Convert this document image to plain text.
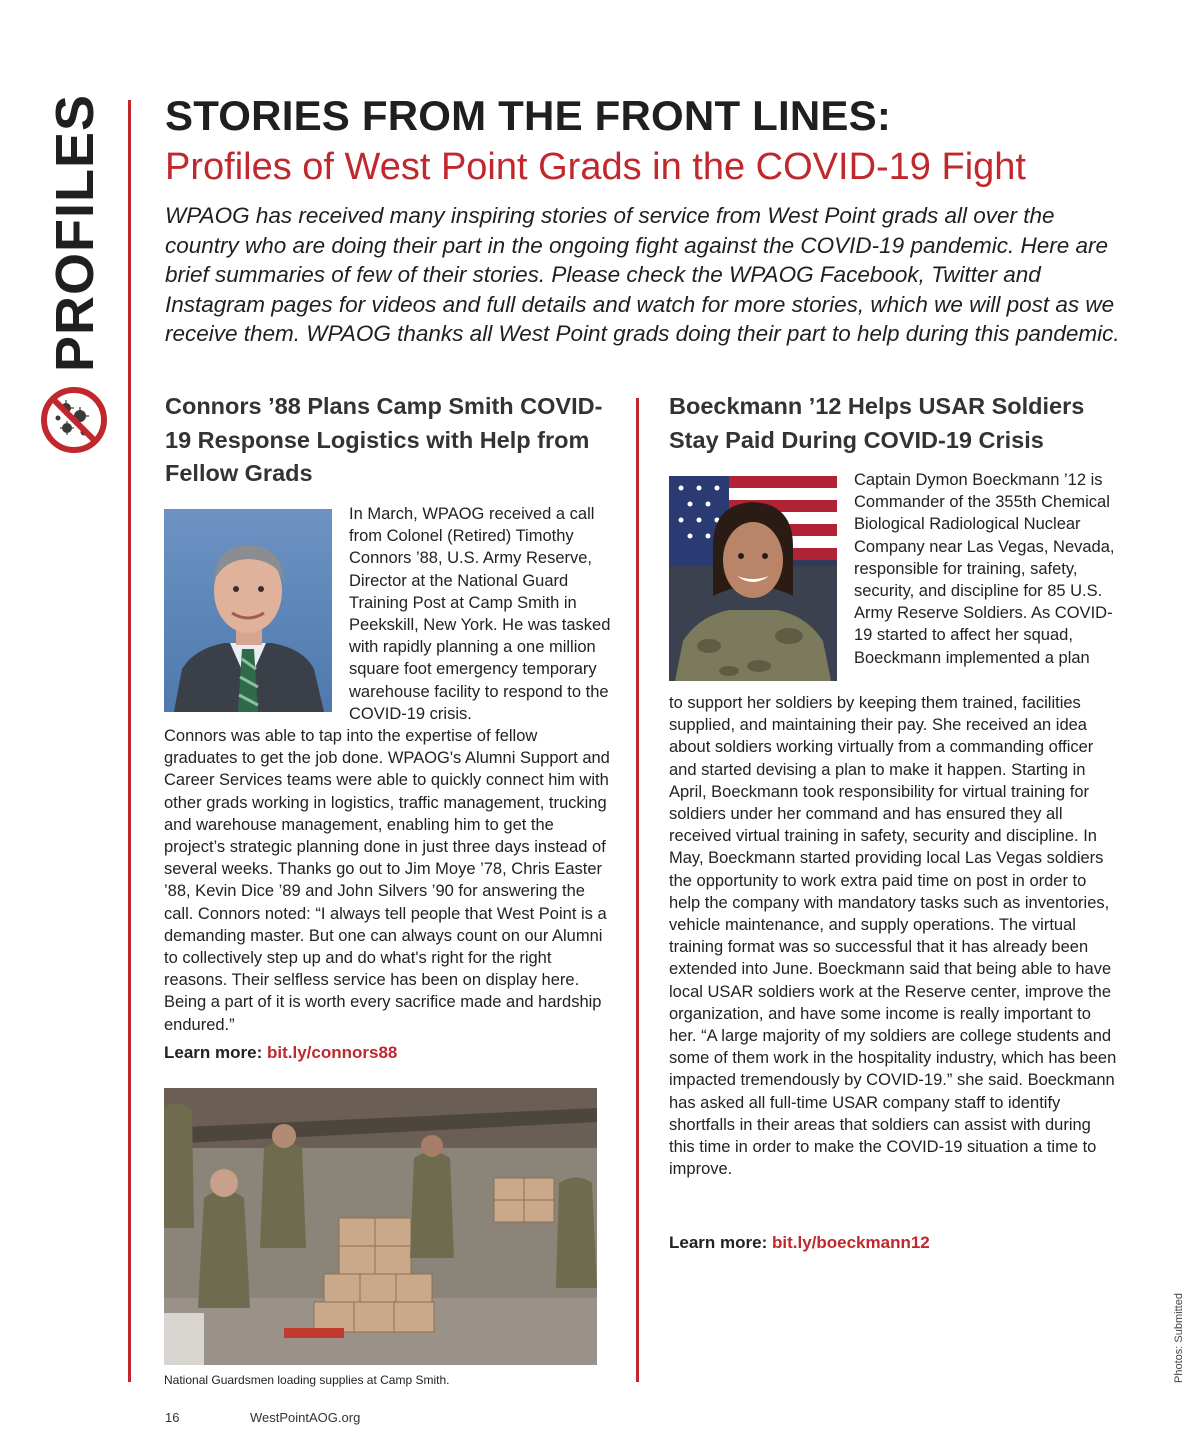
PROFILES STORIES FROM THE FRONT LINES:
Profiles of West Point Grads in the COVID-19 Fight

WPAOG has received many inspiring stories of service from West Point grads all over the country who are doing their part in the ongoing fight against the COVID-19 pandemic. Here are brief summaries of few of their stories. Please check the WPAOG Facebook, Twitter and Instagram pages for videos and full details and watch for more stories, which we will post as we receive them. WPAOG thanks all West Point grads doing their part to help during this pandemic.

Connors ’88 Plans Camp Smith COVID-19 Response Logistics with Help from Fellow Grads

In March, WPAOG received a call from Colonel (Retired) Timothy Connors ’88, U.S. Army Reserve, Director at the National Guard Training Post at Camp Smith in Peekskill, New York. He was tasked with rapidly planning a one million square foot emergency temporary warehouse facility to respond to the COVID-19 crisis.

Connors was able to tap into the expertise of fellow graduates to get the job done. WPAOG's Alumni Support and Career Services teams were able to quickly connect him with other grads working in logistics, traffic management, trucking and warehouse management, enabling him to get the project’s strategic planning done in just three days instead of several weeks. Thanks go out to Jim Moye ’78, Chris Easter ’88, Kevin Dice ’89 and John Silvers ’90 for answering the call. Connors noted: “I always tell people that West Point is a demanding master. But one can always count on our Alumni to collectively step up and do what's right for the right reasons. Their selfless service has been on display here. Being a part of it is worth every sacrifice made and hardship endured.”

Learn more: bit.ly/connors88

National Guardsmen loading supplies at Camp Smith.

Boeckmann ’12 Helps USAR Soldiers Stay Paid During COVID-19 Crisis

Captain Dymon Boeckmann ’12 is Commander of the 355th Chemical Biological Radiological Nuclear Company near Las Vegas, Nevada, responsible for training, safety, security, and discipline for 85 U.S. Army Reserve Soldiers. As COVID-19 started to affect her squad, Boeckmann implemented a plan

to support her soldiers by keeping them trained, facilities supplied, and maintaining their pay. She received an idea about soldiers working virtually from a commanding officer and started devising a plan to make it happen. Starting in April, Boeckmann took responsibility for virtual training for soldiers under her command and has ensured they all received virtual training in safety, security and discipline. In May, Boeckmann started providing local Las Vegas soldiers the opportunity to work extra paid time on post in order to help the company with mandatory tasks such as inventories, vehicle maintenance, and supply operations. The virtual training format was so successful that it has already been extended into June. Boeckmann said that being able to have local USAR soldiers work at the Reserve center, improve the organization, and have some income is really important to her. “A large majority of my soldiers are college students and some of them work in the hospitality industry, which has been impacted tremendously by COVID-19.” she said. Boeckmann has asked all full-time USAR company staff to identify shortfalls in their areas that soldiers can assist with during this time in order to make the COVID-19 situation a time to improve.

Learn more: bit.ly/boeckmann12

Photos: Submitted

16	WestPointAOG.org
